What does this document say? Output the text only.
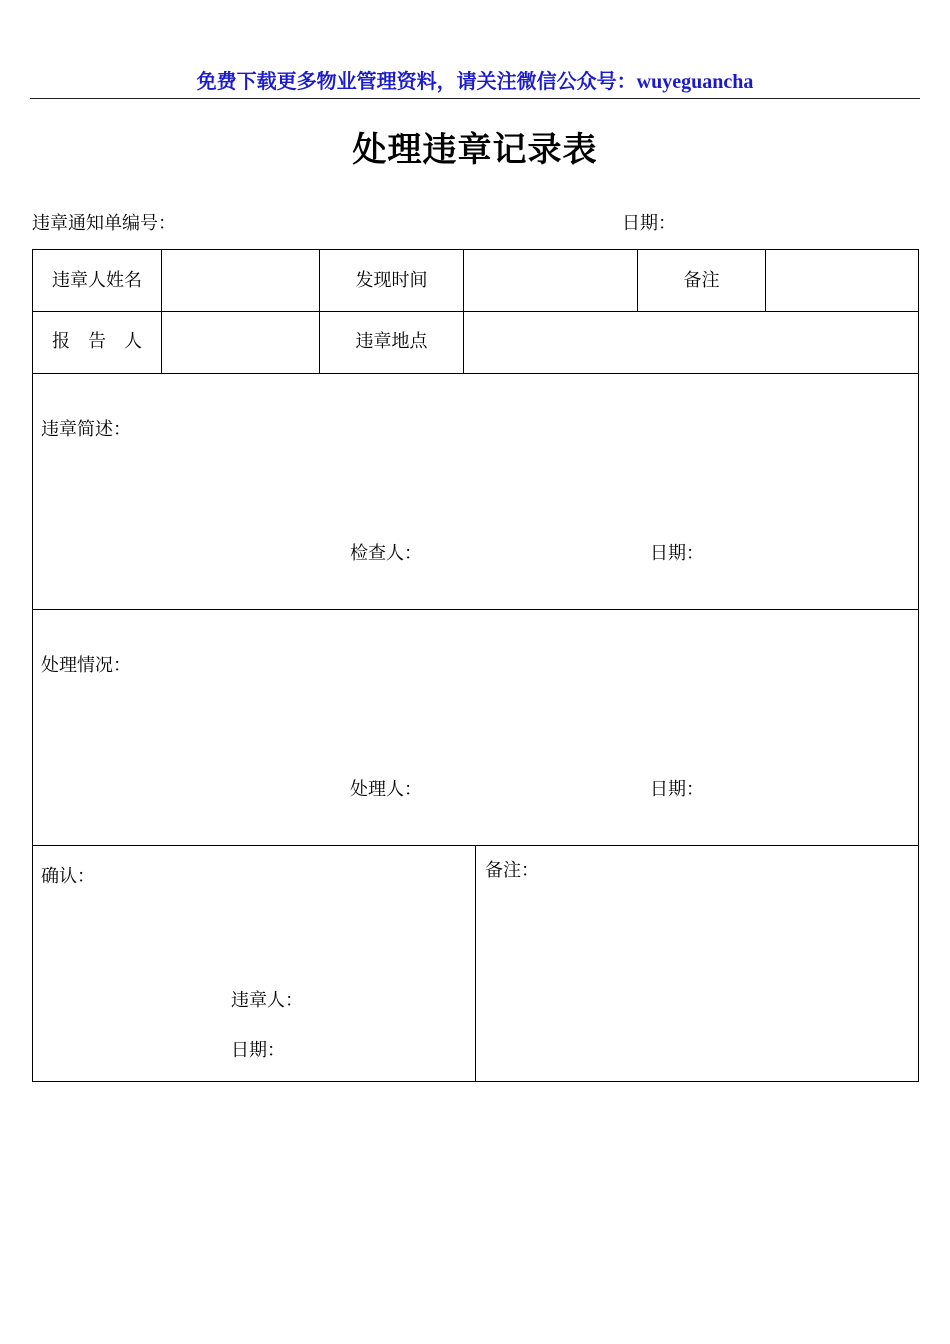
免费下载更多物业管理资料，请关注微信公众号：wuyeguancha
处理违章记录表
违章通知单编号：	日期：
违章人姓名	发现时间	备注
报　告　人	违章地点
违章简述：
检查人：	日期：
处理情况：
处理人：	日期：
确认：
违章人：
日期：
备注：
